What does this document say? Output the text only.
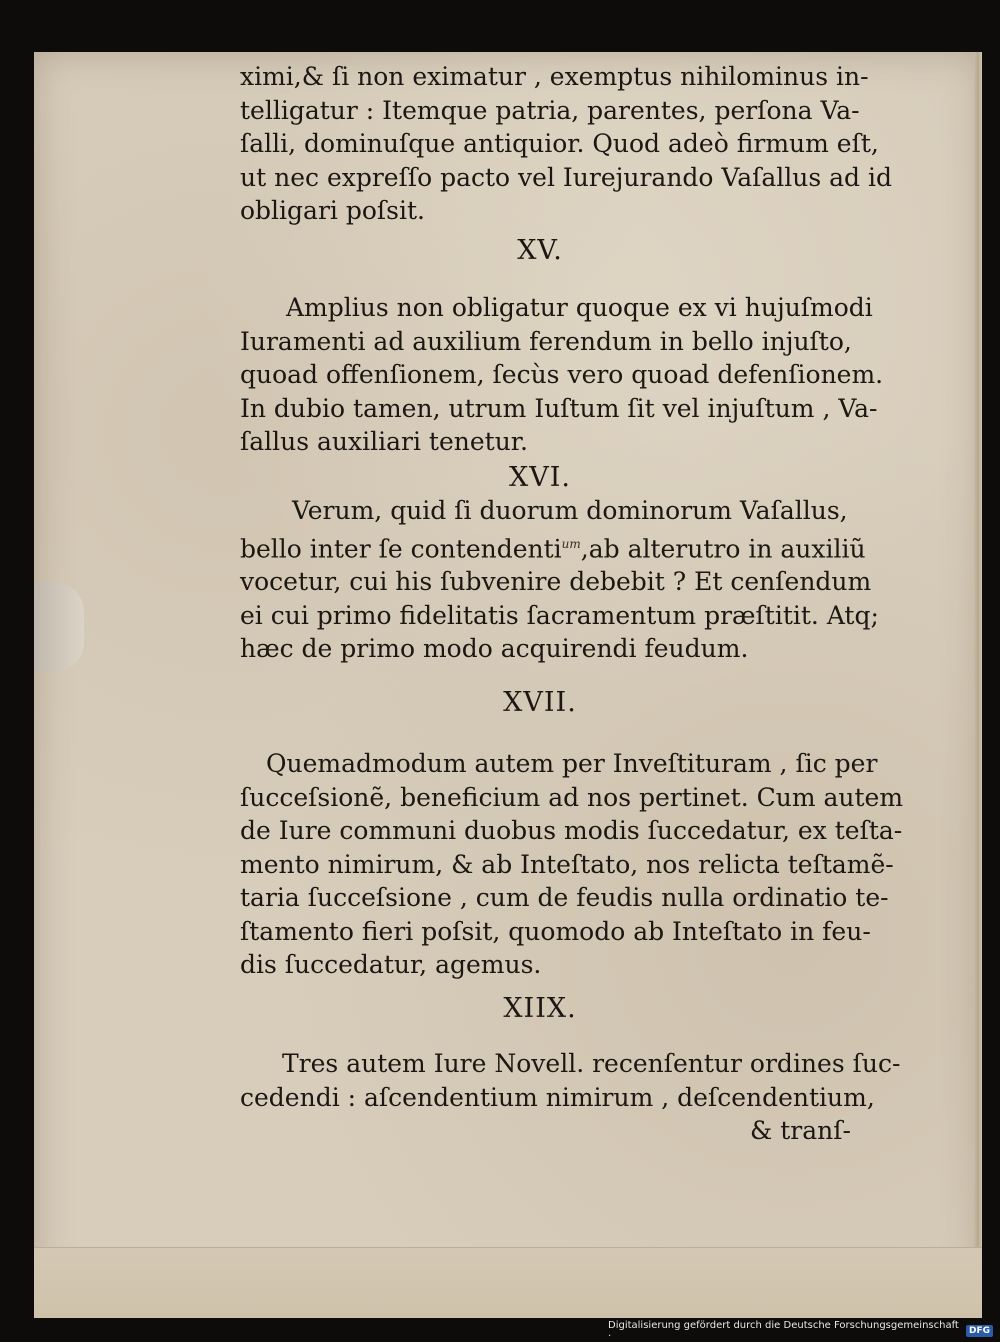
ximi,& ſi non eximatur , exemptus nihilominus in-
telligatur : Itemque patria, parentes, perſona Va-
ſalli, dominuſque antiquior. Quod adeò firmum eſt,
ut nec expreſſo pacto vel Iurejurando Vaſallus ad id
obligari poſsit.
XV.
Amplius non obligatur quoque ex vi hujuſmodi
Iuramenti ad auxilium ferendum in bello injuſto,
quoad offenſionem, ſecùs vero quoad defenſionem.
In dubio tamen, utrum Iuſtum ſit vel injuſtum , Va-
ſallus auxiliari tenetur.
XVI.
Verum, quid ſi duorum dominorum Vaſallus,
bello inter ſe contendenti$^{um}$,ab alterutro in auxiliũ
vocetur, cui his ſubvenire debebit ? Et cenſendum
ei cui primo fidelitatis ſacramentum præſtitit. Atq;
hæc de primo modo acquirendi feudum.
XVII.
Quemadmodum autem per Inveſtituram , ſic per
ſucceſsionẽ, beneficium ad nos pertinet. Cum autem
de Iure communi duobus modis ſuccedatur, ex teſta-
mento nimirum, & ab Inteſtato, nos relicta teſtamẽ-
taria ſucceſsione , cum de feudis nulla ordinatio te-
ſtamento fieri poſsit, quomodo ab Inteſtato in feu-
dis ſuccedatur, agemus.
XIIX.
Tres autem Iure Novell. recenſentur ordines ſuc-
cedendi : aſcendentium nimirum , deſcendentium,
& tranſ-
Digitalisierung gefördert durch die Deutsche Forschungsgemeinschaft ·	DFG
